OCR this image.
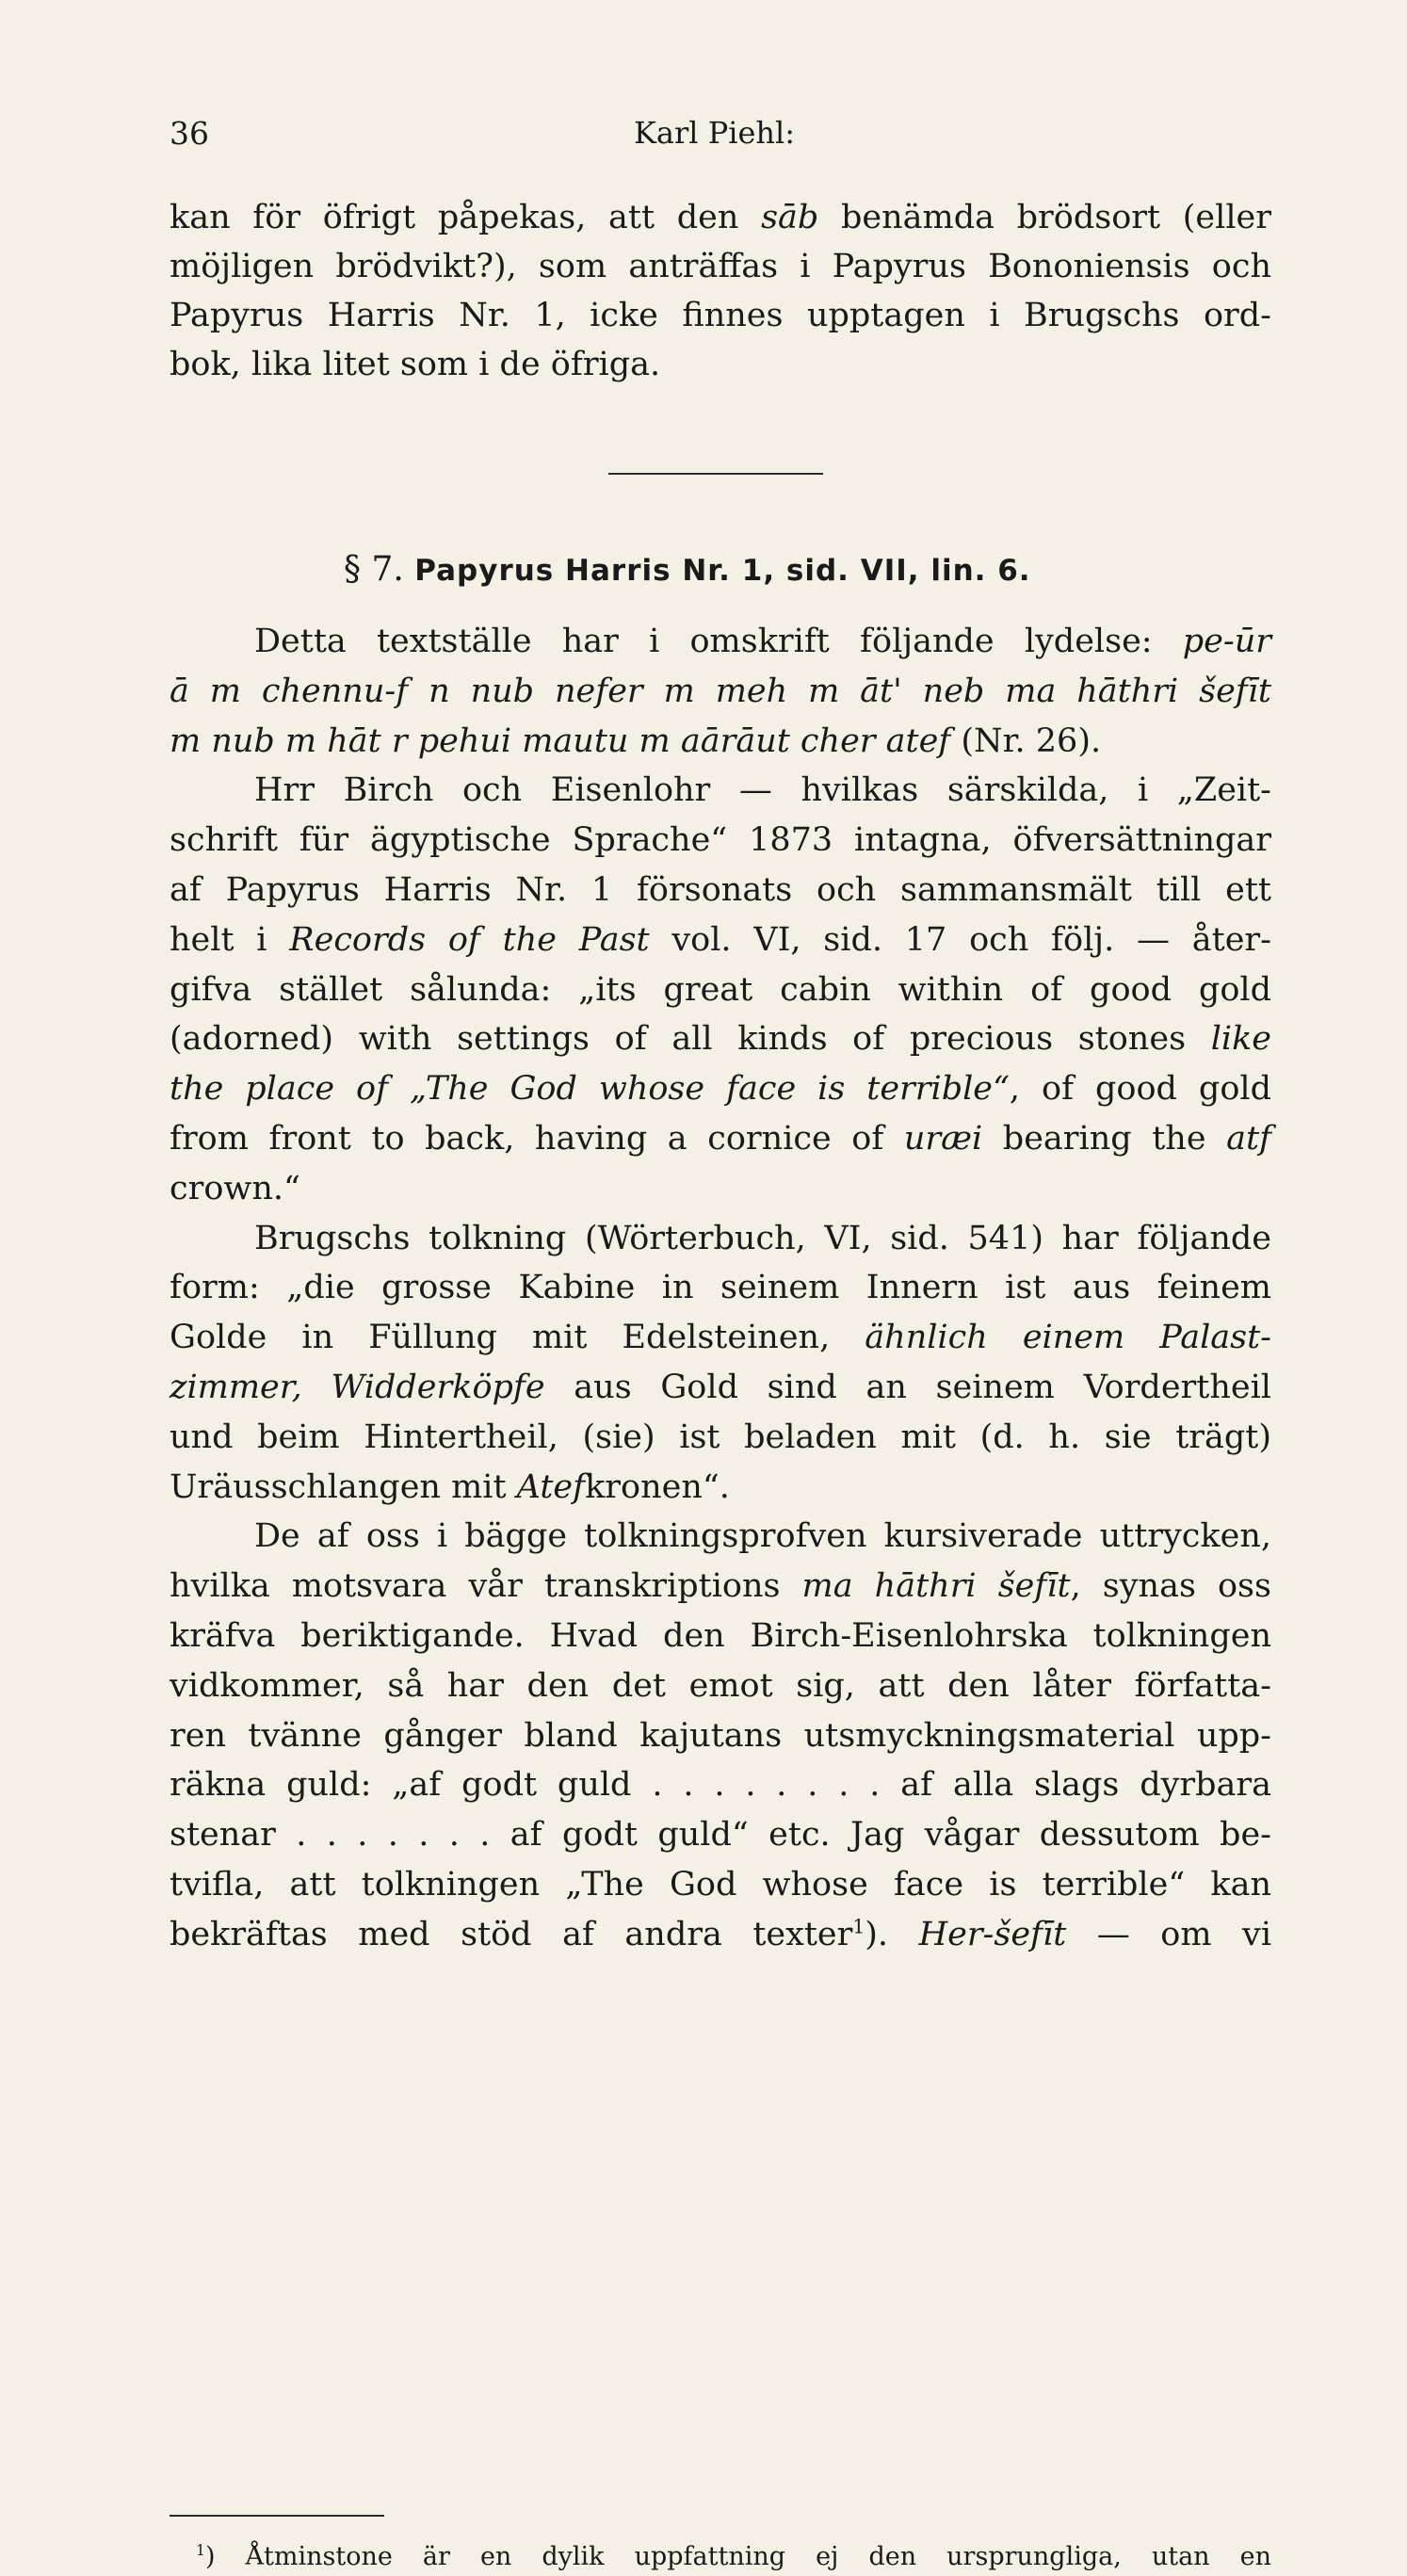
36	Karl Piehl:
kan för öfrigt påpekas, att den sāb benämda brödsort (eller
möjligen brödvikt?), som anträffas i Papyrus Bononiensis och
Papyrus Harris Nr. 1, icke finnes upptagen i Brugschs ord-
bok, lika litet som i de öfriga.
§ 7. Papyrus Harris Nr. 1, sid. VII, lin. 6.
Detta textställe har i omskrift följande lydelse: pe-ūr
ā m chennu-f n nub nefer m meh m āt' neb ma hāthri šefīt
m nub m hāt r pehui mautu m aārāut cher atef (Nr. 26).
Hrr Birch och Eisenlohr — hvilkas särskilda, i „Zeit-
schrift für ägyptische Sprache“ 1873 intagna, öfversättningar
af Papyrus Harris Nr. 1 försonats och sammansmält till ett
helt i Records of the Past vol. VI, sid. 17 och följ. — åter-
gifva stället sålunda: „its great cabin within of good gold
(adorned) with settings of all kinds of precious stones like
the place of „The God whose face is terrible“, of good gold
from front to back, having a cornice of uræi bearing the atf
crown.“
Brugschs tolkning (Wörterbuch, VI, sid. 541) har följande
form: „die grosse Kabine in seinem Innern ist aus feinem
Golde in Füllung mit Edelsteinen, ähnlich einem Palast-
zimmer, Widderköpfe aus Gold sind an seinem Vordertheil
und beim Hintertheil, (sie) ist beladen mit (d. h. sie trägt)
Uräusschlangen mit Atefkronen“.
De af oss i bägge tolkningsprofven kursiverade uttrycken,
hvilka motsvara vår transkriptions ma hāthri šefīt, synas oss
kräfva beriktigande. Hvad den Birch-Eisenlohrska tolkningen
vidkommer, så har den det emot sig, att den låter författa-
ren tvänne gånger bland kajutans utsmyckningsmaterial upp-
räkna guld: „af godt guld . . . . . . . . af alla slags dyrbara
stenar . . . . . . . af godt guld“ etc. Jag vågar dessutom be-
tvifla, att tolkningen „The God whose face is terrible“ kan
bekräftas med stöd af andra texter$^1$). Her-šefīt — om vi
$^1$) Åtminstone är en dylik uppfattning ej den ursprungliga, utan en
